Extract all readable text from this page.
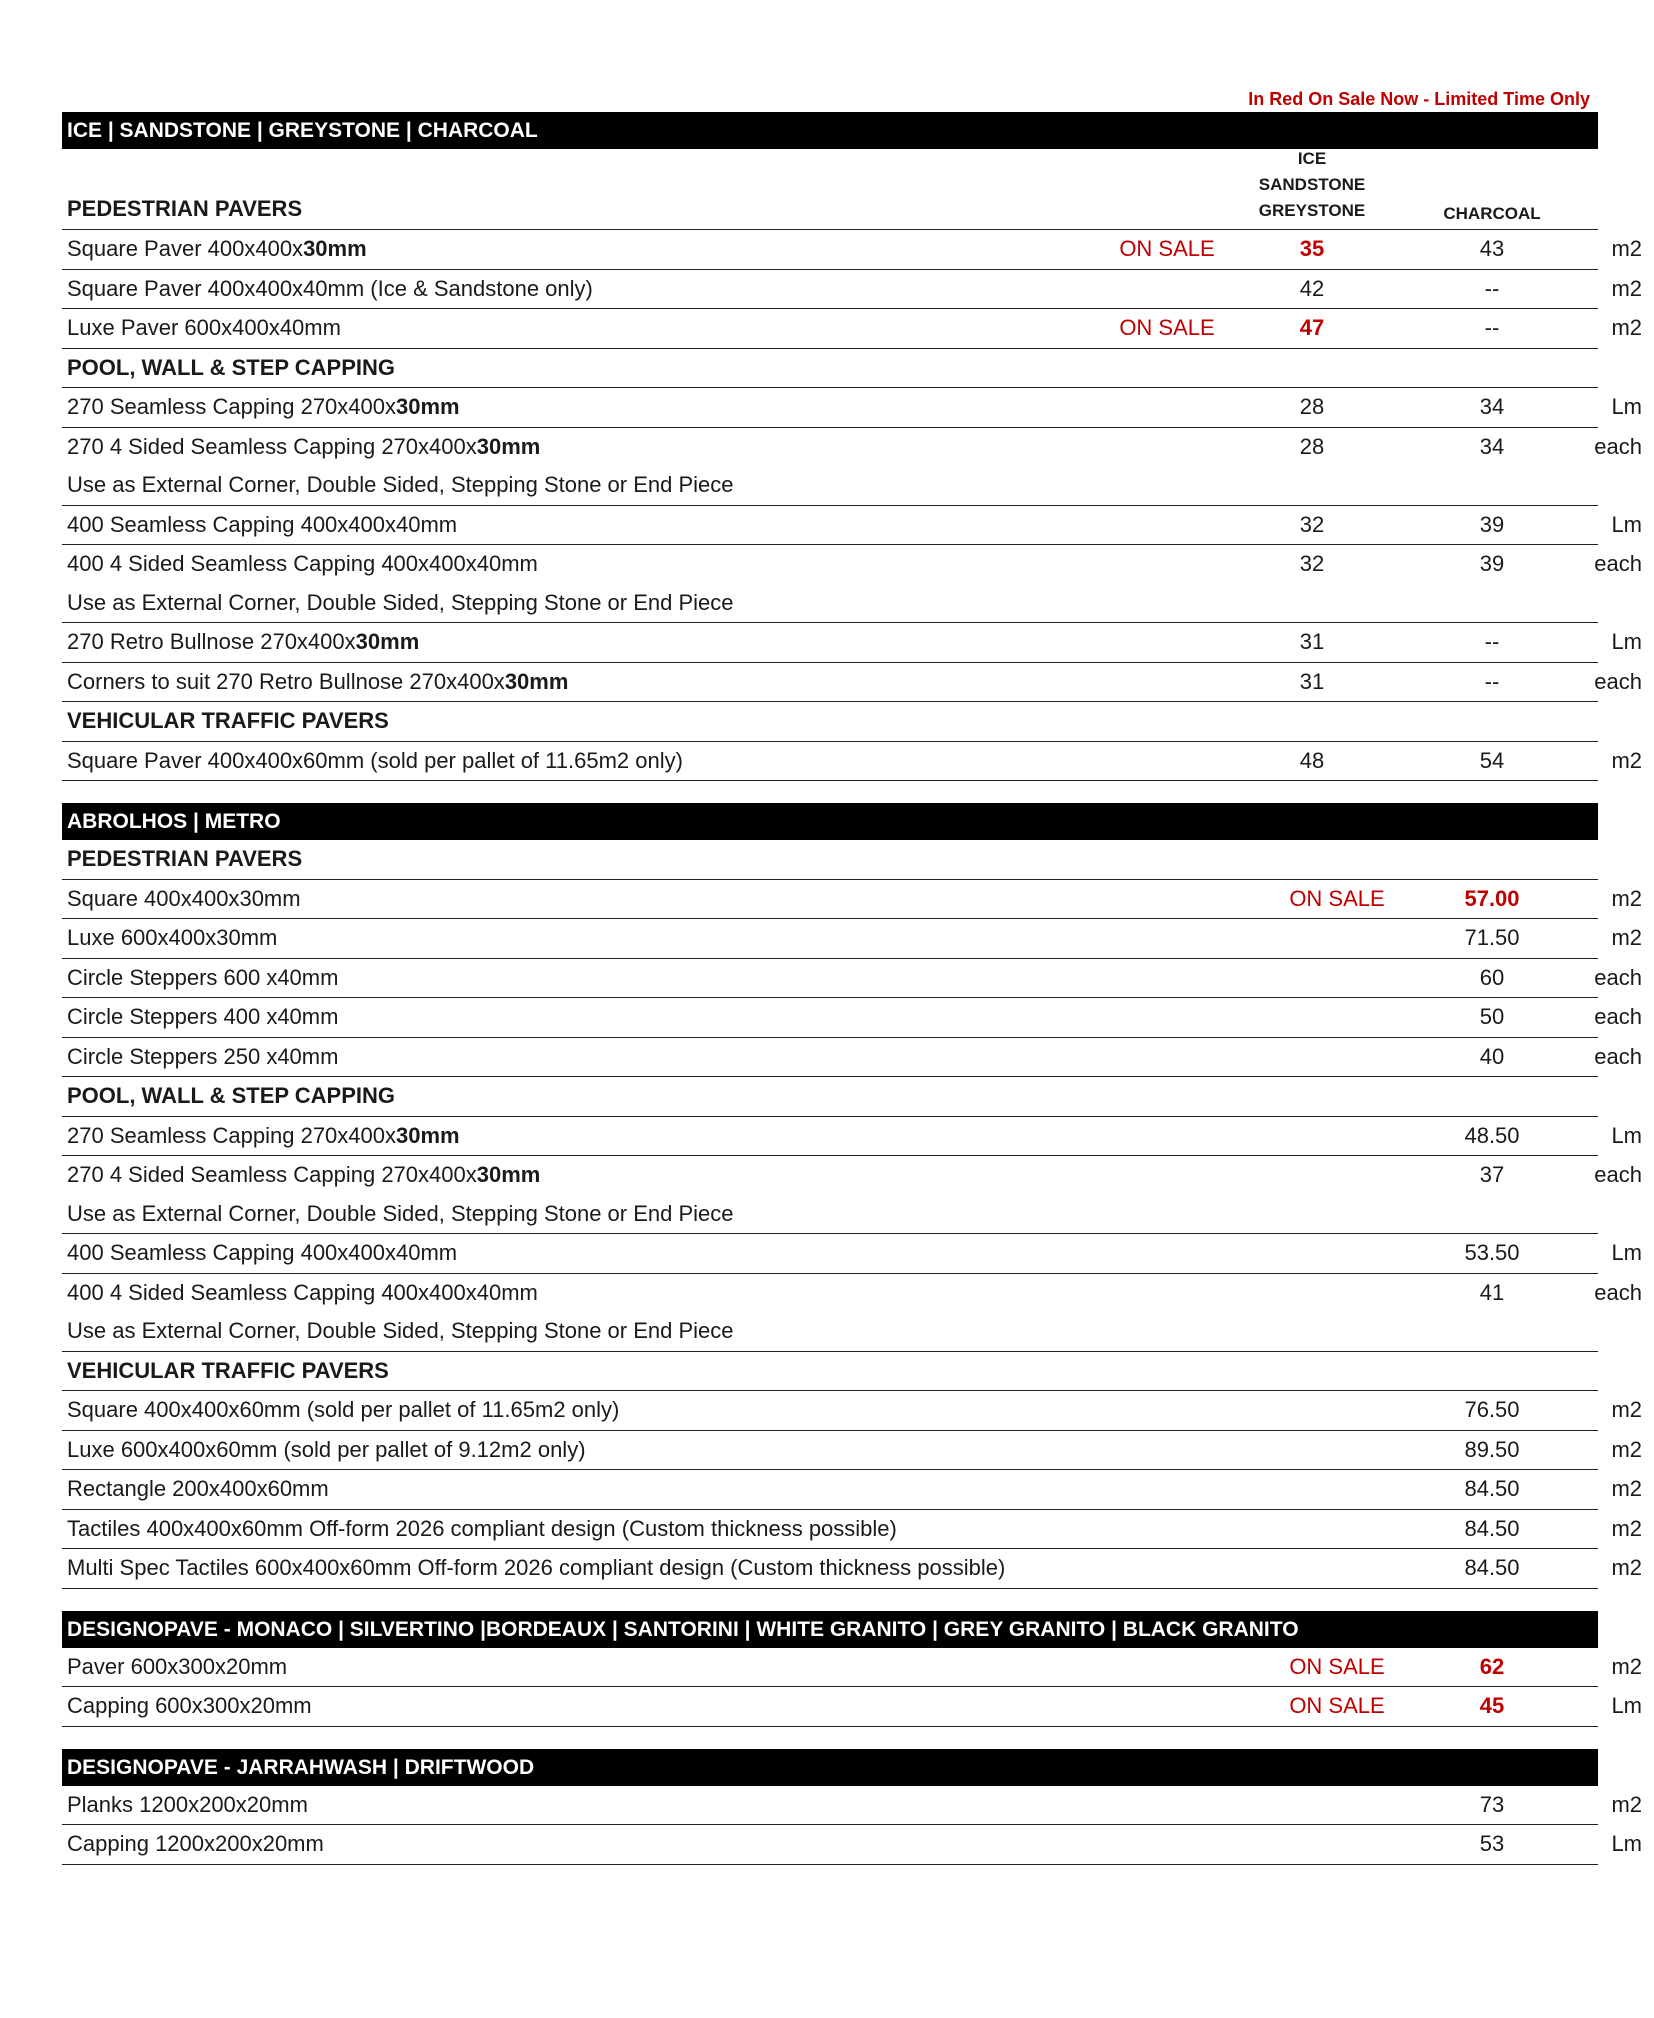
In Red On Sale Now - Limited Time Only
ICE | SANDSTONE | GREYSTONE | CHARCOAL
PEDESTRIAN PAVERS
ICE
SANDSTONE
GREYSTONE	CHARCOAL
Square Paver 400x400x30mm	ON SALE	35	43	m2
Square Paver 400x400x40mm (Ice & Sandstone only)	42	--	m2
Luxe Paver 600x400x40mm	ON SALE	47	--	m2
POOL, WALL & STEP CAPPING
270 Seamless Capping 270x400x30mm	28	34	Lm
270 4 Sided Seamless Capping 270x400x30mm	28	34	each
Use as External Corner, Double Sided, Stepping Stone or End Piece
400 Seamless Capping 400x400x40mm	32	39	Lm
400 4 Sided Seamless Capping 400x400x40mm	32	39	each
Use as External Corner, Double Sided, Stepping Stone or End Piece
270 Retro Bullnose 270x400x30mm	31	--	Lm
Corners to suit 270 Retro Bullnose 270x400x30mm	31	--	each
VEHICULAR TRAFFIC PAVERS
Square Paver 400x400x60mm (sold per pallet of 11.65m2 only)	48	54	m2
ABROLHOS | METRO
PEDESTRIAN PAVERS
Square 400x400x30mm	ON SALE	57.00	m2
Luxe 600x400x30mm	71.50	m2
Circle Steppers 600 x40mm	60	each
Circle Steppers 400 x40mm	50	each
Circle Steppers 250 x40mm	40	each
POOL, WALL & STEP CAPPING
270 Seamless Capping 270x400x30mm	48.50	Lm
270 4 Sided Seamless Capping 270x400x30mm	37	each
Use as External Corner, Double Sided, Stepping Stone or End Piece
400 Seamless Capping 400x400x40mm	53.50	Lm
400 4 Sided Seamless Capping 400x400x40mm	41	each
Use as External Corner, Double Sided, Stepping Stone or End Piece
VEHICULAR TRAFFIC PAVERS
Square 400x400x60mm (sold per pallet of 11.65m2 only)	76.50	m2
Luxe 600x400x60mm (sold per pallet of 9.12m2 only)	89.50	m2
Rectangle 200x400x60mm	84.50	m2
Tactiles 400x400x60mm Off-form 2026 compliant design (Custom thickness possible)	84.50	m2
Multi Spec Tactiles 600x400x60mm Off-form 2026 compliant design (Custom thickness possible)	84.50	m2
DESIGNOPAVE - MONACO | SILVERTINO |BORDEAUX | SANTORINI | WHITE GRANITO | GREY GRANITO | BLACK GRANITO
Paver 600x300x20mm	ON SALE	62	m2
Capping 600x300x20mm	ON SALE	45	Lm
DESIGNOPAVE - JARRAHWASH | DRIFTWOOD
Planks 1200x200x20mm	73	m2
Capping 1200x200x20mm	53	Lm
